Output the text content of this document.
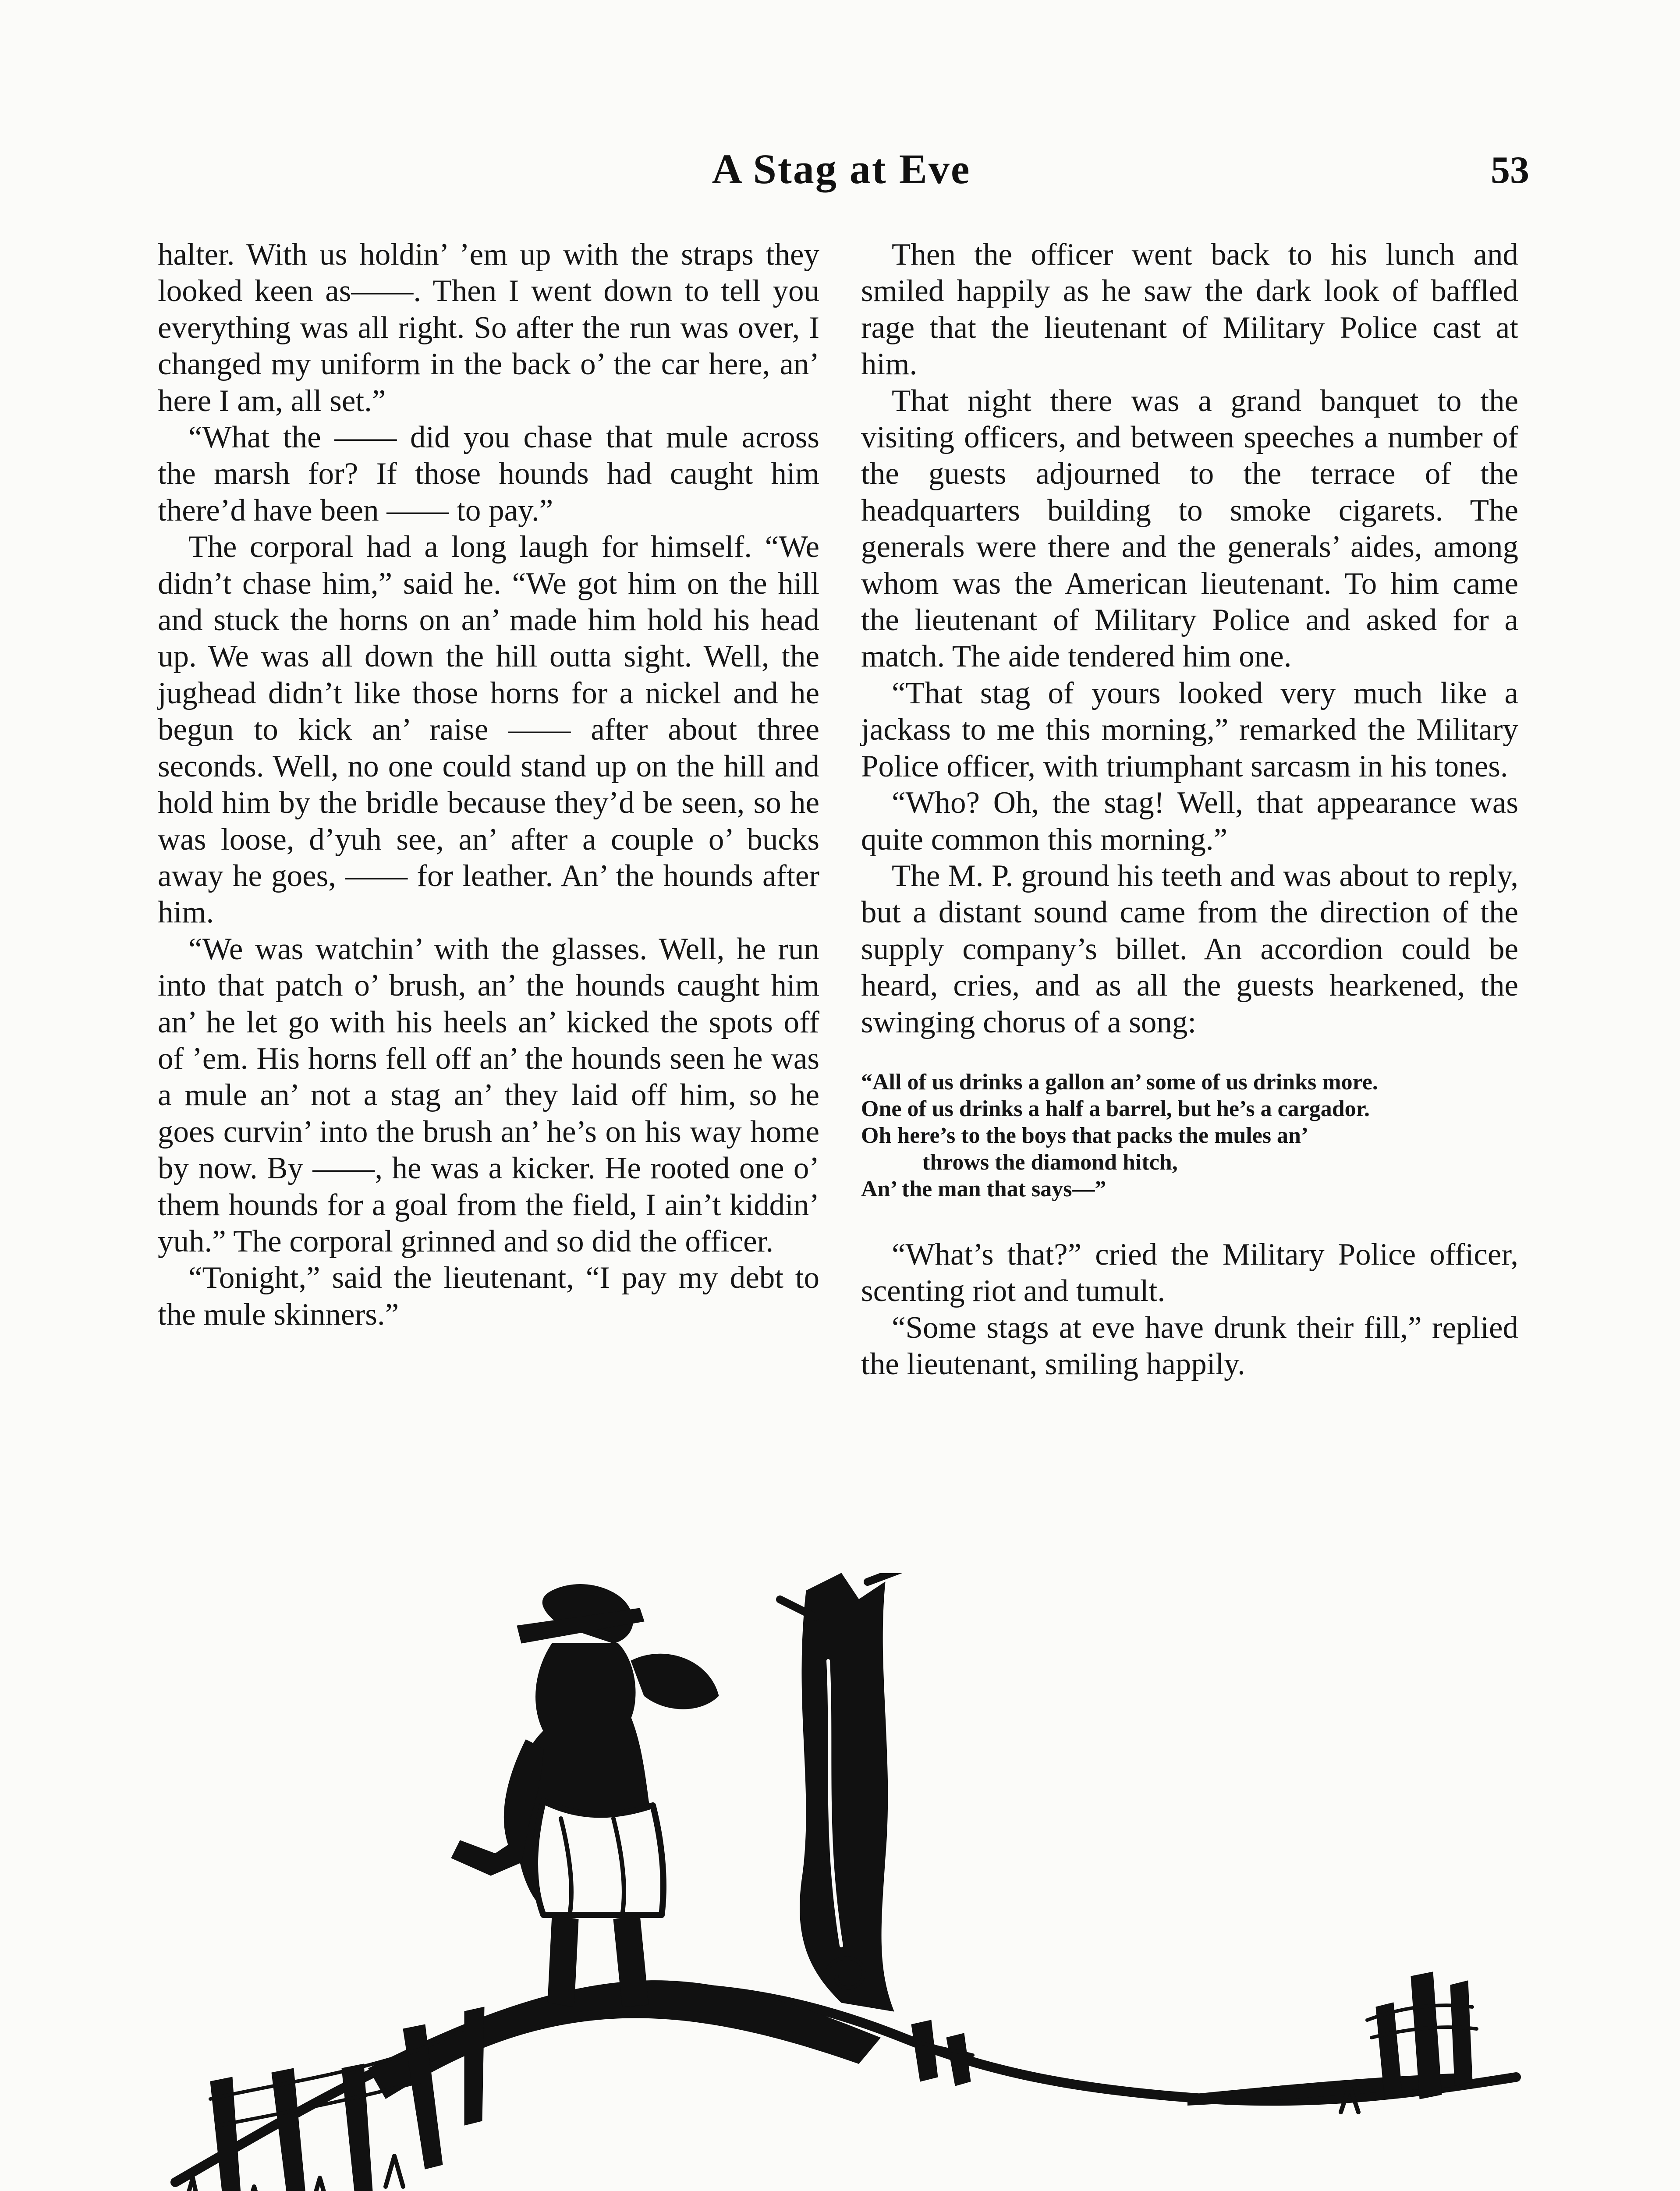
A Stag at Eve	53

halter. With us holdin’ ’em up with the straps they looked keen as——. Then I went down to tell you everything was all right. So after the run was over, I changed my uniform in the back o’ the car here, an’ here I am, all set.”

“What the —— did you chase that mule across the marsh for? If those hounds had caught him there’d have been —— to pay.”

The corporal had a long laugh for himself. “We didn’t chase him,” said he. “We got him on the hill and stuck the horns on an’ made him hold his head up. We was all down the hill outta sight. Well, the jughead didn’t like those horns for a nickel and he begun to kick an’ raise —— after about three seconds. Well, no one could stand up on the hill and hold him by the bridle because they’d be seen, so he was loose, d’yuh see, an’ after a couple o’ bucks away he goes, —— for leather. An’ the hounds after him.

“We was watchin’ with the glasses. Well, he run into that patch o’ brush, an’ the hounds caught him an’ he let go with his heels an’ kicked the spots off of ’em. His horns fell off an’ the hounds seen he was a mule an’ not a stag an’ they laid off him, so he goes curvin’ into the brush an’ he’s on his way home by now. By ——, he was a kicker. He rooted one o’ them hounds for a goal from the field, I ain’t kiddin’ yuh.” The corporal grinned and so did the officer.

“Tonight,” said the lieutenant, “I pay my debt to the mule skinners.”

Then the officer went back to his lunch and smiled happily as he saw the dark look of baffled rage that the lieutenant of Military Police cast at him.

That night there was a grand banquet to the visiting officers, and between speeches a number of the guests adjourned to the terrace of the headquarters building to smoke cigarets. The generals were there and the generals’ aides, among whom was the American lieutenant. To him came the lieutenant of Military Police and asked for a match. The aide tendered him one.

“That stag of yours looked very much like a jackass to me this morning,” remarked the Military Police officer, with triumphant sarcasm in his tones.

“Who? Oh, the stag! Well, that appearance was quite common this morning.”

The M. P. ground his teeth and was about to reply, but a distant sound came from the direction of the supply company’s billet. An accordion could be heard, cries, and as all the guests hearkened, the swinging chorus of a song:

“All of us drinks a gallon an’ some of us drinks more.
One of us drinks a half a barrel, but he’s a cargador.
Oh here’s to the boys that packs the mules an’
throws the diamond hitch,
An’ the man that says—”

“What’s that?” cried the Military Police officer, scenting riot and tumult.

“Some stags at eve have drunk their fill,” replied the lieutenant, smiling happily.
